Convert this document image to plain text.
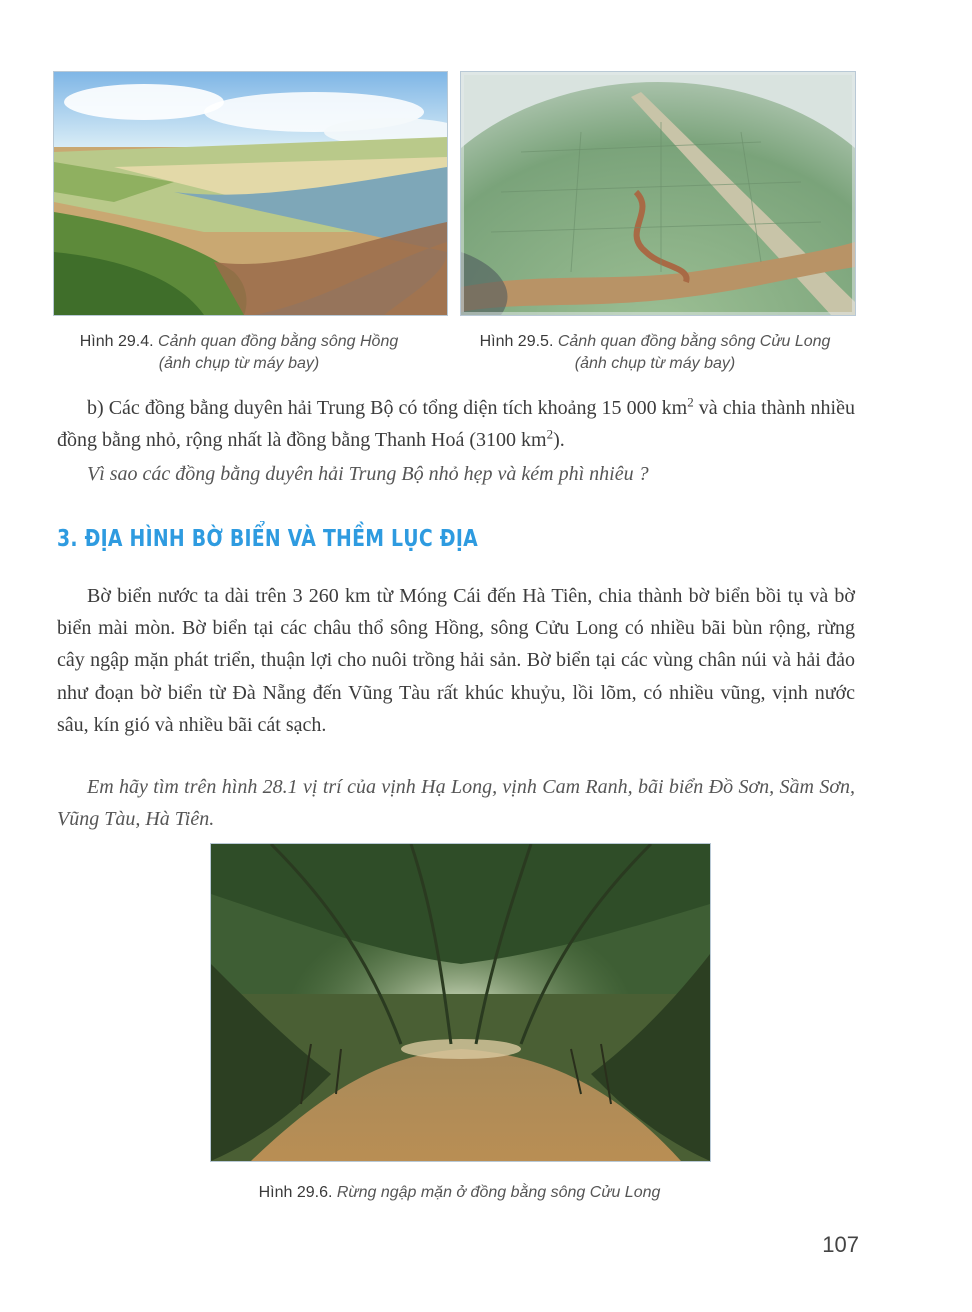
Hình 29.4. Cảnh quan đồng bằng sông Hồng
(ảnh chụp từ máy bay)
Hình 29.5. Cảnh quan đồng bằng sông Cửu Long
(ảnh chụp từ máy bay)

b) Các đồng bằng duyên hải Trung Bộ có tổng diện tích khoảng 15 000 $km^2$ và chia thành nhiều đồng bằng nhỏ, rộng nhất là đồng bằng Thanh Hoá (3100 $km^2$).

Vì sao các đồng bằng duyên hải Trung Bộ nhỏ hẹp và kém phì nhiêu ?

3. ĐỊA HÌNH BỜ BIỂN VÀ THỀM LỤC ĐỊA

Bờ biển nước ta dài trên 3 260 km từ Móng Cái đến Hà Tiên, chia thành bờ biển bồi tụ và bờ biển mài mòn. Bờ biển tại các châu thổ sông Hồng, sông Cửu Long có nhiều bãi bùn rộng, rừng cây ngập mặn phát triển, thuận lợi cho nuôi trồng hải sản. Bờ biển tại các vùng chân núi và hải đảo như đoạn bờ biển từ Đà Nẵng đến Vũng Tàu rất khúc khuỷu, lồi lõm, có nhiều vũng, vịnh nước sâu, kín gió và nhiều bãi cát sạch.

Em hãy tìm trên hình 28.1 vị trí của vịnh Hạ Long, vịnh Cam Ranh, bãi biển Đồ Sơn, Sầm Sơn, Vũng Tàu, Hà Tiên.

Hình 29.6. Rừng ngập mặn ở đồng bằng sông Cửu Long
107
